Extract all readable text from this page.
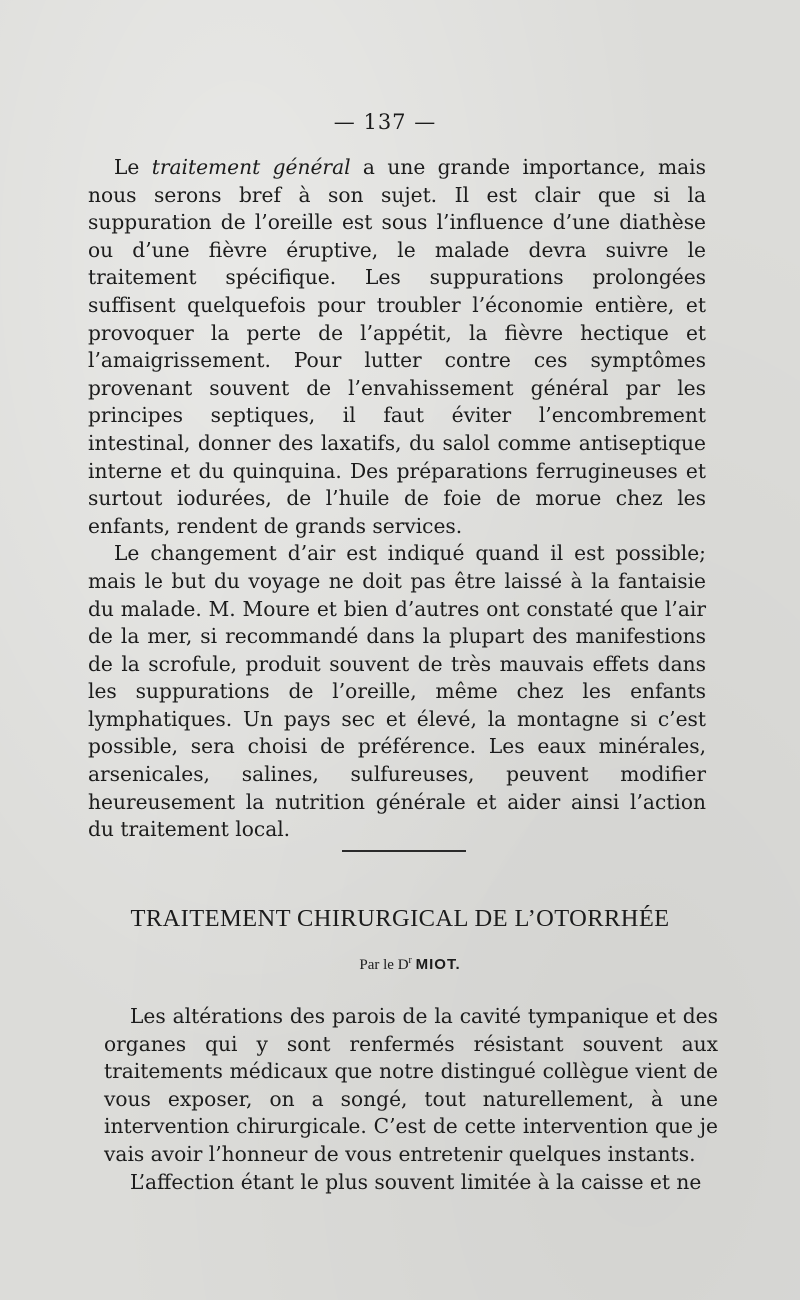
— 137 —

Le traitement général a une grande importance, mais nous serons bref à son sujet. Il est clair que si la suppuration de l’oreille est sous l’influence d’une diathèse ou d’une fièvre éruptive, le malade devra suivre le traitement spécifique. Les suppurations prolongées suffisent quelquefois pour troubler l’économie entière, et provoquer la perte de l’appétit, la fièvre hectique et l’amaigrissement. Pour lutter contre ces symptômes provenant souvent de l’envahissement général par les principes septiques, il faut éviter l’encombrement intestinal, donner des laxatifs, du salol comme antiseptique interne et du quinquina. Des préparations ferrugineuses et surtout iodurées, de l’huile de foie de morue chez les enfants, rendent de grands services.

Le changement d’air est indiqué quand il est possible; mais le but du voyage ne doit pas être laissé à la fantaisie du malade. M. Moure et bien d’autres ont constaté que l’air de la mer, si recommandé dans la plupart des manifestions de la scrofule, produit souvent de très mauvais effets dans les suppurations de l’oreille, même chez les enfants lymphatiques. Un pays sec et élevé, la montagne si c’est possible, sera choisi de préférence. Les eaux minérales, arsenicales, salines, sulfureuses, peuvent modifier heureusement la nutrition générale et aider ainsi l’action du traitement local.

TRAITEMENT CHIRURGICAL DE L’OTORRHÉE
Par le $D^r$ MIOT.

Les altérations des parois de la cavité tympanique et des organes qui y sont renfermés résistant souvent aux traitements médicaux que notre distingué collègue vient de vous exposer, on a songé, tout naturellement, à une intervention chirurgicale. C’est de cette intervention que je vais avoir l’honneur de vous entretenir quelques instants.

L’affection étant le plus souvent limitée à la caisse et ne
